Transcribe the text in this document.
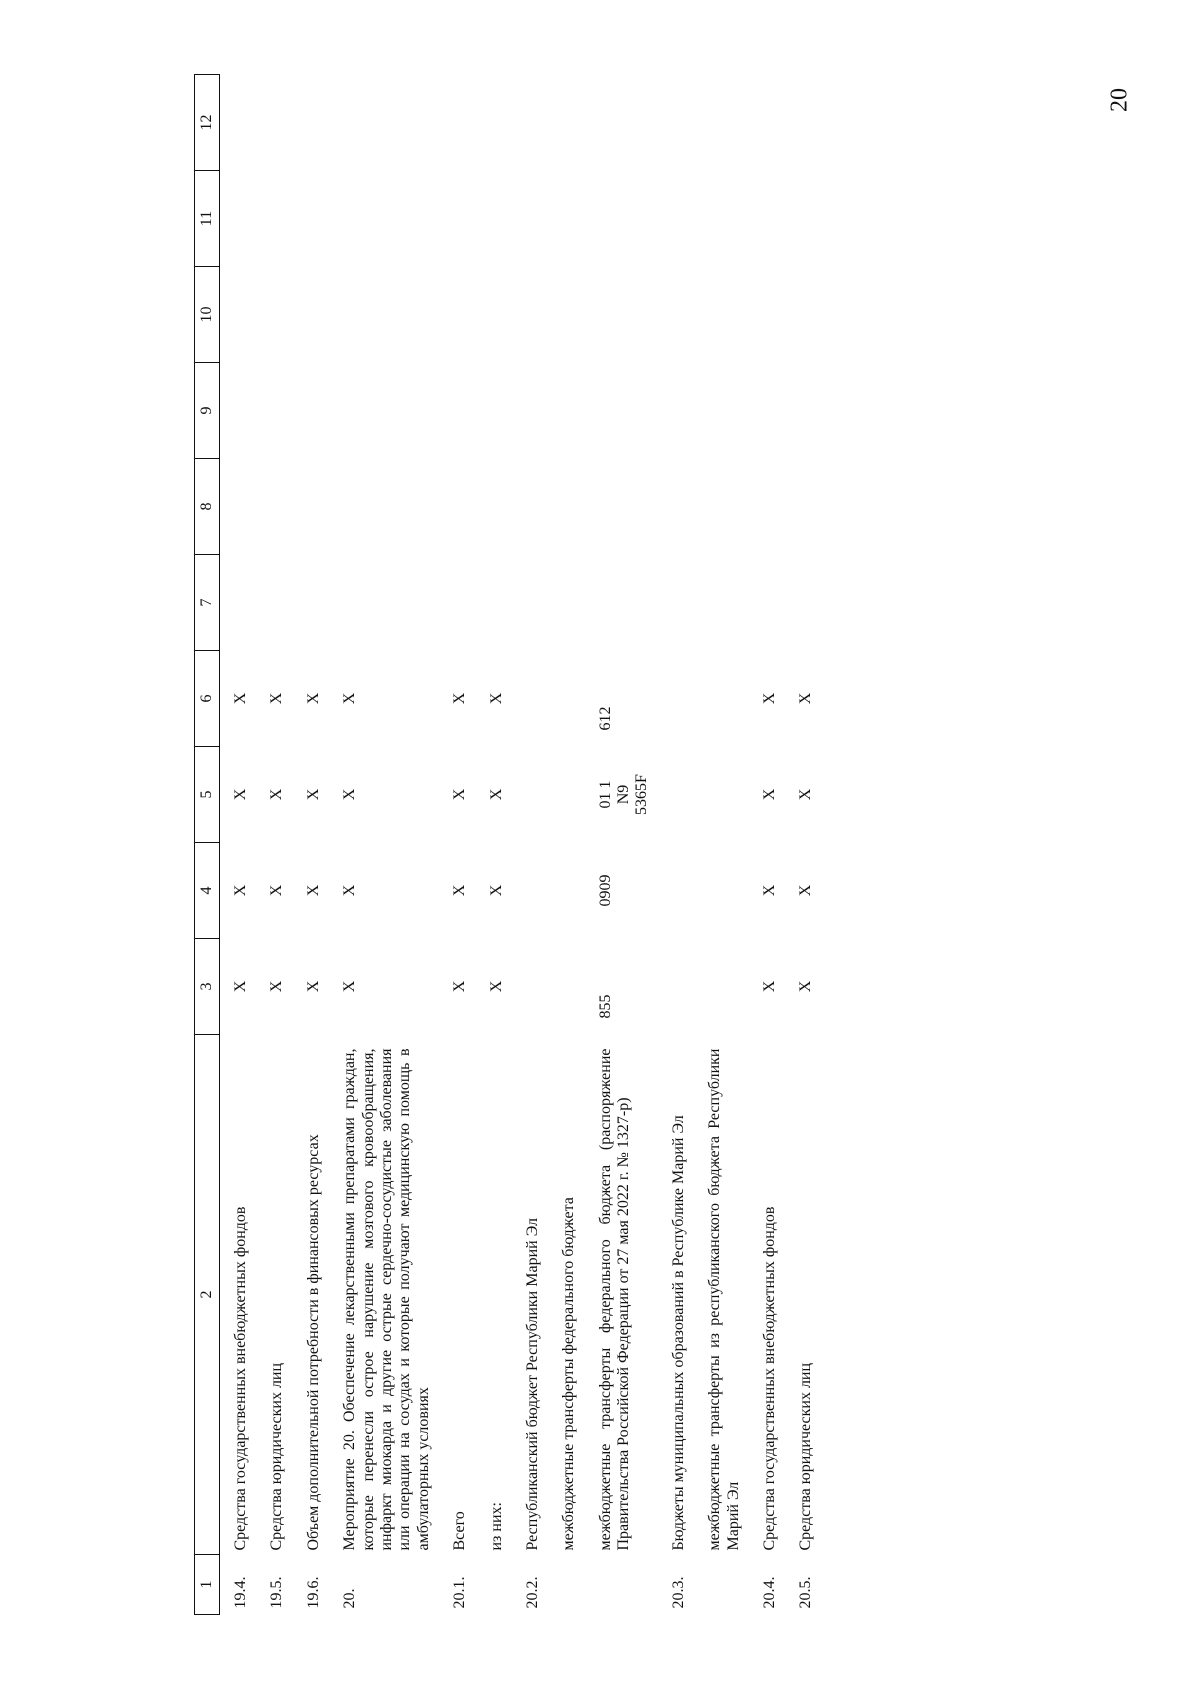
20
1	2	3	4	5	6	7	8	9	10	11	12
19.4.	Средства государственных внебюджетных фондов	X	X	X	X						
19.5.	Средства юридических лиц	X	X	X	X						
19.6.	Объем дополнительной потребности в финансовых ресурсах	X	X	X	X						
20.	Мероприятие 20. Обеспечение лекарственными препаратами граждан, которые перенесли острое нарушение мозгового кровообращения, инфаркт миокарда и другие острые сердечно-сосудистые заболевания или операции на сосудах и которые получают медицинскую помощь в амбулаторных условиях	X	X	X	X						
20.1.	Всего	X	X	X	X						
	из них:	X	X	X	X						
20.2.	Республиканский бюджет Республики Марий Эл										
	межбюджетные трансферты федерального бюджета										
	межбюджетные трансферты федерального бюджета (распоряжение Правительства Российской Федерации от 27 мая 2022 г. № 1327-р)	855	0909	01 1 N9 5365F	612						
20.3.	Бюджеты муниципальных образований в Республике Марий Эл										
	межбюджетные трансферты из республиканского бюджета Республики Марий Эл										
20.4.	Средства государственных внебюджетных фондов	X	X	X	X						
20.5.	Средства юридических лиц	X	X	X	X						
